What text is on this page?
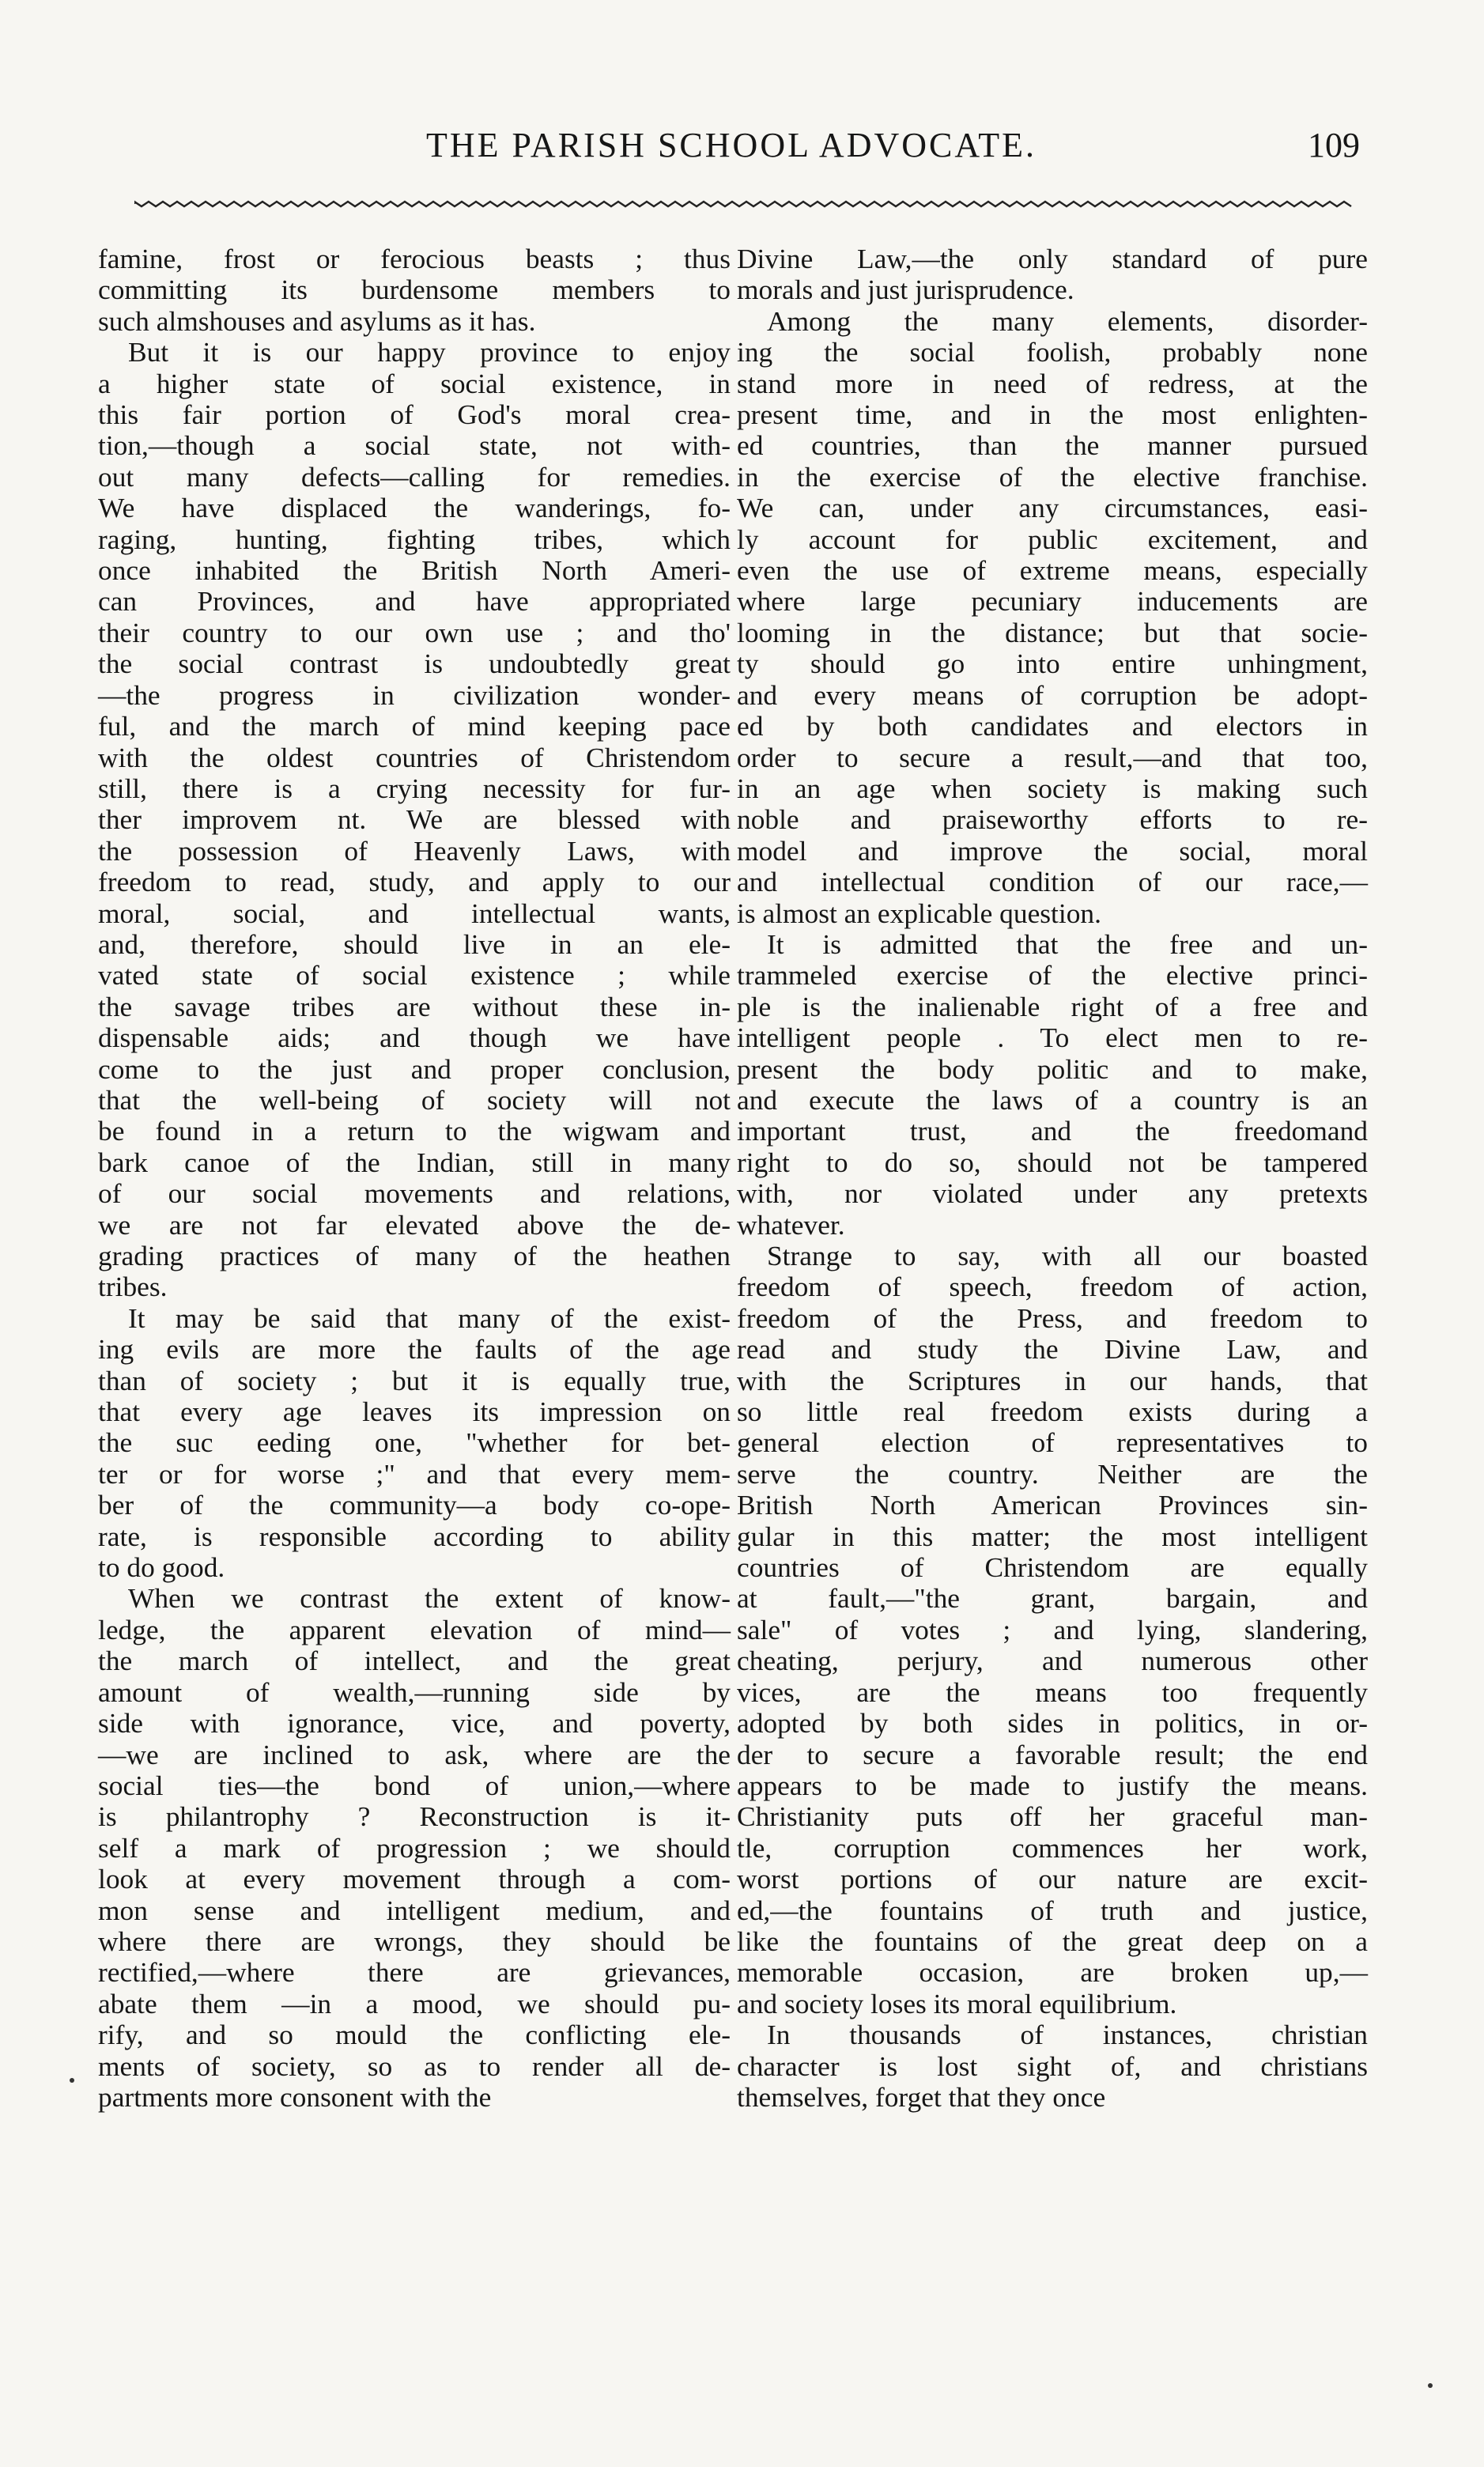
THE PARISH SCHOOL ADVOCATE.	109

famine, frost or ferocious beasts ; thus
committing its burdensome members to
such almshouses and asylums as it has.

But it is our happy province to enjoy
a higher state of social existence, in
this fair portion of God's moral crea-
tion,—though a social state, not with-
out many defects—calling for remedies.
We have displaced the wanderings, fo-
raging, hunting, fighting tribes, which
once inhabited the British North Ameri-
can Provinces, and have appropriated
their country to our own use ; and tho'
the social contrast is undoubtedly great
—the progress in civilization wonder-
ful, and the march of mind keeping pace
with the oldest countries of Christendom
still, there is a crying necessity for fur-
ther improvem nt. We are blessed with
the possession of Heavenly Laws, with
freedom to read, study, and apply to our
moral, social, and intellectual wants,
and, therefore, should live in an ele-
vated state of social existence ; while
the savage tribes are without these in-
dispensable aids; and though we have
come to the just and proper conclusion,
that the well-being of society will not
be found in a return to the wigwam and
bark canoe of the Indian, still in many
of our social movements and relations,
we are not far elevated above the de-
grading practices of many of the heathen
tribes.

It may be said that many of the exist-
ing evils are more the faults of the age
than of society ; but it is equally true,
that every age leaves its impression on
the suc eeding one, "whether for bet-
ter or for worse ;" and that every mem-
ber of the community—a body co-ope-
rate, is responsible according to ability
to do good.

When we contrast the extent of know-
ledge, the apparent elevation of mind—
the march of intellect, and the great
amount of wealth,—running side by
side with ignorance, vice, and poverty,
—we are inclined to ask, where are the
social ties—the bond of union,—where
is philantrophy ? Reconstruction is it-
self a mark of progression ; we should
look at every movement through a com-
mon sense and intelligent medium, and
where there are wrongs, they should be
rectified,—where there are grievances,
abate them —in a mood, we should pu-
rify, and so mould the conflicting ele-
ments of society, so as to render all de-
partments more consonent with the

Divine Law,—the only standard of pure
morals and just jurisprudence.

Among the many elements, disorder-
ing the social foolish, probably none
stand more in need of redress, at the
present time, and in the most enlighten-
ed countries, than the manner pursued
in the exercise of the elective franchise.
We can, under any circumstances, easi-
ly account for public excitement, and
even the use of extreme means, especially
where large pecuniary inducements are
looming in the distance; but that socie-
ty should go into entire unhingment,
and every means of corruption be adopt-
ed by both candidates and electors in
order to secure a result,—and that too,
in an age when society is making such
noble and praiseworthy efforts to re-
model and improve the social, moral
and intellectual condition of our race,—
is almost an explicable question.

It is admitted that the free and un-
trammeled exercise of the elective princi-
ple is the inalienable right of a free and
intelligent people . To elect men to re-
present the body politic and to make,
and execute the laws of a country is an
important trust, and the freedomand
right to do so, should not be tampered
with, nor violated under any pretexts
whatever.

Strange to say, with all our boasted
freedom of speech, freedom of action,
freedom of the Press, and freedom to
read and study the Divine Law, and
with the Scriptures in our hands, that
so little real freedom exists during a
general election of representatives to
serve the country. Neither are the
British North American Provinces sin-
gular in this matter; the most intelligent
countries of Christendom are equally
at fault,—"the grant, bargain, and
sale" of votes ; and lying, slandering,
cheating, perjury, and numerous other
vices, are the means too frequently
adopted by both sides in politics, in or-
der to secure a favorable result; the end
appears to be made to justify the means.
Christianity puts off her graceful man-
tle, corruption commences her work,
worst portions of our nature are excit-
ed,—the fountains of truth and justice,
like the fountains of the great deep on a
memorable occasion, are broken up,—
and society loses its moral equilibrium.

In thousands of instances, christian
character is lost sight of, and christians
themselves, forget that they once
